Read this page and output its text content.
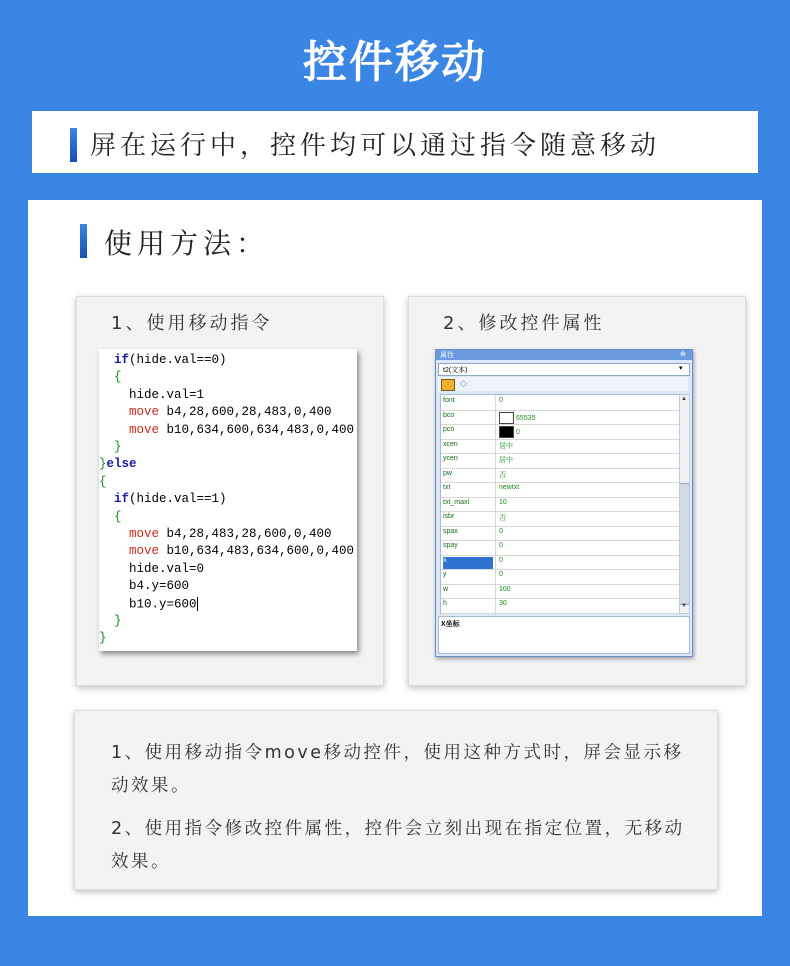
控件移动
屏在运行中，控件均可以通过指令随意移动
使用方法：
1、使用移动指令
if(hide.val==0)
{
hide.val=1
move b4,28,600,28,483,0,400
move b10,634,600,634,483,0,400
}
}else
{
if(hide.val==1)
{
move b4,28,483,28,600,0,400
move b10,634,483,634,600,0,400
hide.val=0
b4.y=600
b10.y=600
}
}
2、修改控件属性
属性	⊕
t2(文本)	▾
◇
font	0
bco	65535
pco	0
xcen	居中
ycen	居中
pw	否
txt	newtxt
txt_maxl	10
isbr	否
spax	0
spay	0
x	0
y	0
w	100
h	30
▲
▼
X坐标
1、使用移动指令move移动控件，使用这种方式时，屏会显示移动效果。
2、使用指令修改控件属性，控件会立刻出现在指定位置，无移动效果。
